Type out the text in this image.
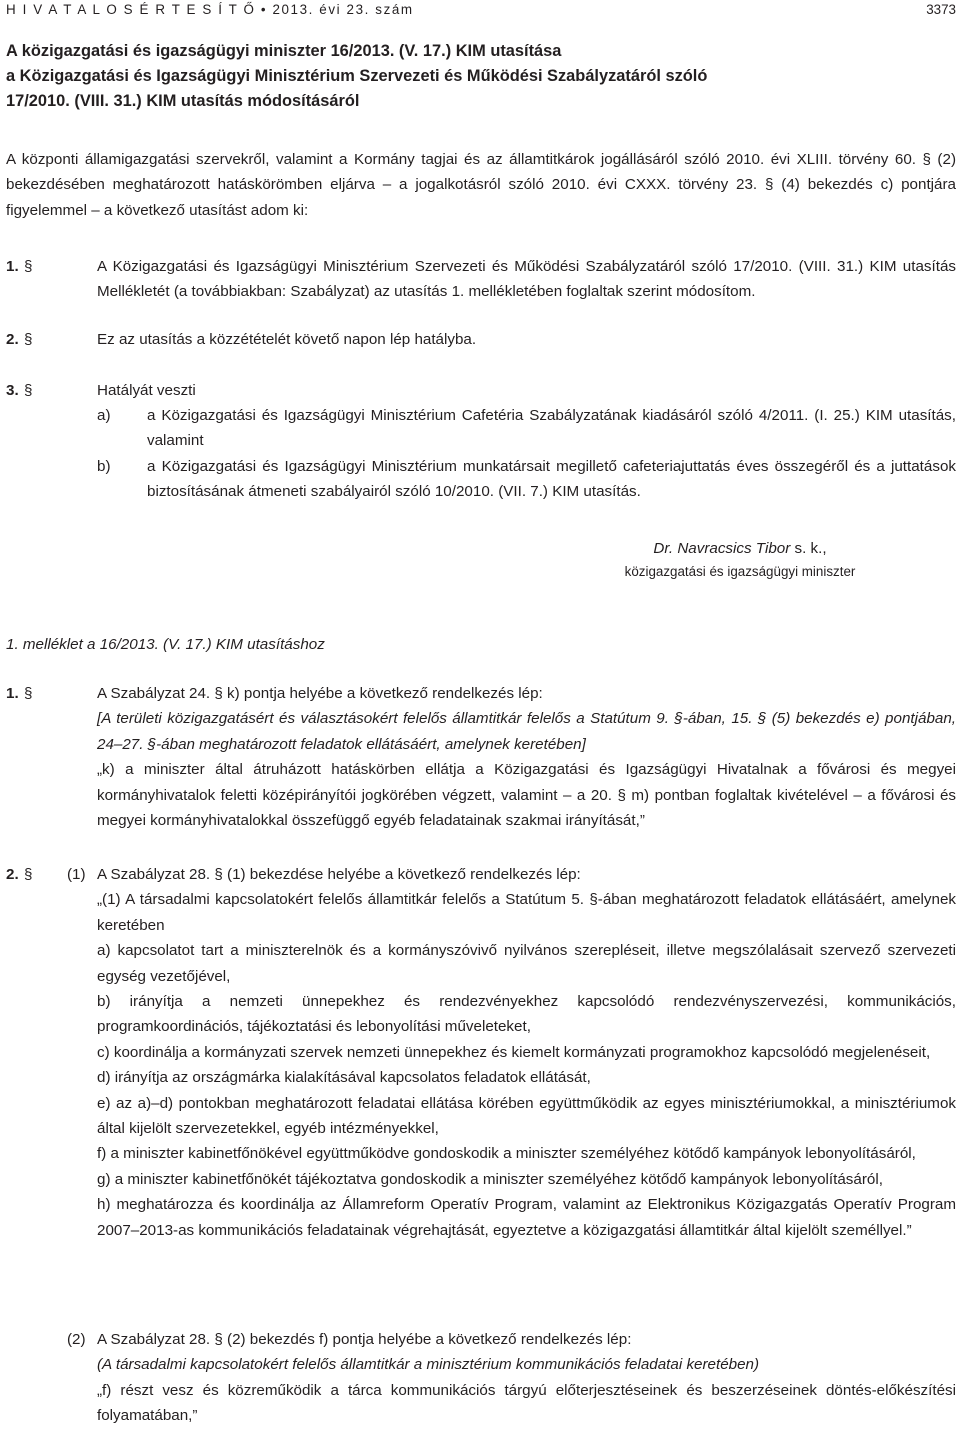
H I V A T A L O S É R T E S Í T Ő • 2013. évi 23. szám	3373
A közigazgatási és igazságügyi miniszter 16/2013. (V. 17.) KIM utasítása
a Közigazgatási és Igazságügyi Minisztérium Szervezeti és Működési Szabályzatáról szóló
17/2010. (VIII. 31.) KIM utasítás módosításáról
A központi államigazgatási szervekről, valamint a Kormány tagjai és az államtitkárok jogállásáról szóló 2010. évi XLIII. törvény 60. § (2) bekezdésében meghatározott hatáskörömben eljárva – a jogalkotásról szóló 2010. évi CXXX. törvény 23. § (4) bekezdés c) pontjára figyelemmel – a következő utasítást adom ki:
1. §	A Közigazgatási és Igazságügyi Minisztérium Szervezeti és Működési Szabályzatáról szóló 17/2010. (VIII. 31.) KIM utasítás Mellékletét (a továbbiakban: Szabályzat) az utasítás 1. mellékletében foglaltak szerint módosítom.
2. §	Ez az utasítás a közzétételét követő napon lép hatályba.
3. §	Hatályát veszti
a) a Közigazgatási és Igazságügyi Minisztérium Cafetéria Szabályzatának kiadásáról szóló 4/2011. (I. 25.) KIM utasítás, valamint
b) a Közigazgatási és Igazságügyi Minisztérium munkatársait megillető cafeteriajuttatás éves összegéről és a juttatások biztosításának átmeneti szabályairól szóló 10/2010. (VII. 7.) KIM utasítás.
Dr. Navracsics Tibor s. k.,
közigazgatási és igazságügyi miniszter
1. melléklet a 16/2013. (V. 17.) KIM utasításhoz
1. §	A Szabályzat 24. § k) pontja helyébe a következő rendelkezés lép:
[A területi közigazgatásért és választásokért felelős államtitkár felelős a Statútum 9. §-ában, 15. § (5) bekezdés e) pontjában, 24–27. §-ában meghatározott feladatok ellátásáért, amelynek keretében]
„k) a miniszter által átruházott hatáskörben ellátja a Közigazgatási és Igazságügyi Hivatalnak a fővárosi és megyei kormányhivatalok feletti középirányítói jogkörében végzett, valamint – a 20. § m) pontban foglaltak kivételével – a fővárosi és megyei kormányhivatalokkal összefüggő egyéb feladatainak szakmai irányítását,”
2. § (1) A Szabályzat 28. § (1) bekezdése helyébe a következő rendelkezés lép:
„(1) A társadalmi kapcsolatokért felelős államtitkár felelős a Statútum 5. §-ában meghatározott feladatok ellátásáért, amelynek keretében
a) kapcsolatot tart a miniszterelnök és a kormányszóvivő nyilvános szerepléseit, illetve megszólalásait szervező szervezeti egység vezetőjével,
b) irányítja a nemzeti ünnepekhez és rendezvényekhez kapcsolódó rendezvényszervezési, kommunikációs, programkoordinációs, tájékoztatási és lebonyolítási műveleteket,
c) koordinálja a kormányzati szervek nemzeti ünnepekhez és kiemelt kormányzati programokhoz kapcsolódó megjelenéseit,
d) irányítja az országmárka kialakításával kapcsolatos feladatok ellátását,
e) az a)–d) pontokban meghatározott feladatai ellátása körében együttműködik az egyes minisztériumokkal, a minisztériumok által kijelölt szervezetekkel, egyéb intézményekkel,
f) a miniszter kabinetfőnökével együttműködve gondoskodik a miniszter személyéhez kötődő kampányok lebonyolításáról,
g) a miniszter kabinetfőnökét tájékoztatva gondoskodik a miniszter személyéhez kötődő kampányok lebonyolításáról,
h) meghatározza és koordinálja az Államreform Operatív Program, valamint az Elektronikus Közigazgatás Operatív Program 2007–2013-as kommunikációs feladatainak végrehajtását, egyeztetve a közigazgatási államtitkár által kijelölt személlyel.”
(2) A Szabályzat 28. § (2) bekezdés f) pontja helyébe a következő rendelkezés lép:
(A társadalmi kapcsolatokért felelős államtitkár a minisztérium kommunikációs feladatai keretében)
„f) részt vesz és közreműködik a tárca kommunikációs tárgyú előterjesztéseinek és beszerzéseinek döntés-előkészítési folyamatában,”
